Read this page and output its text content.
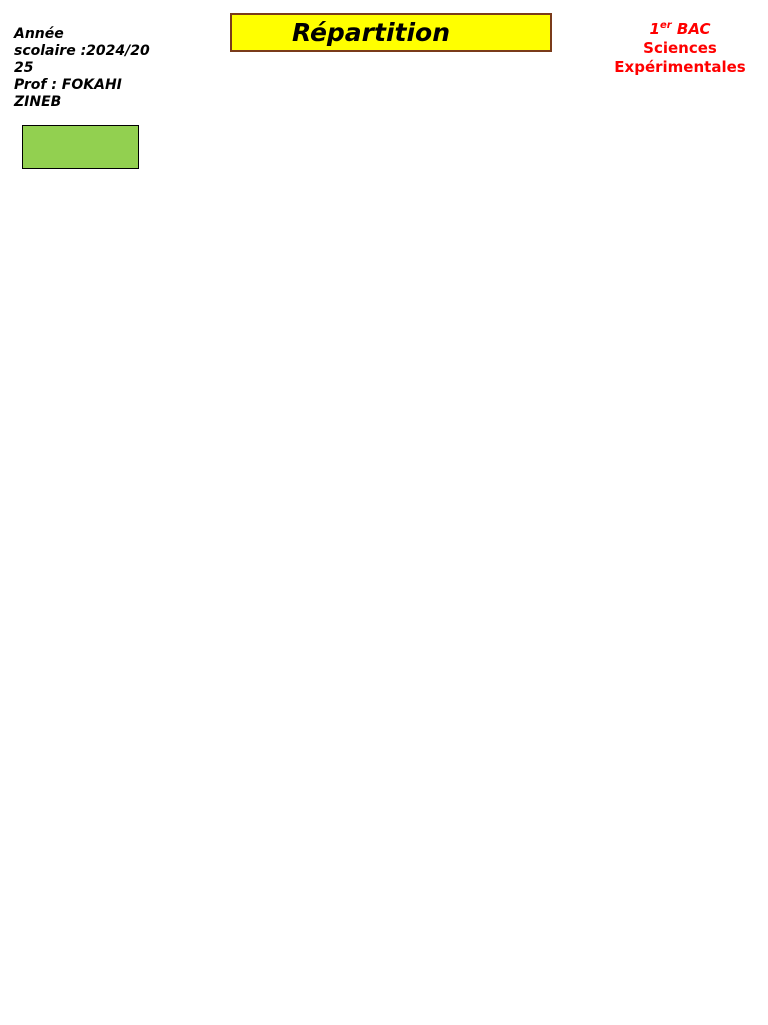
Année
scolaire :2024/20
25
Prof : FOKAHI
ZINEB
Répartition	1er BAC
Sciences
Expérimentales
